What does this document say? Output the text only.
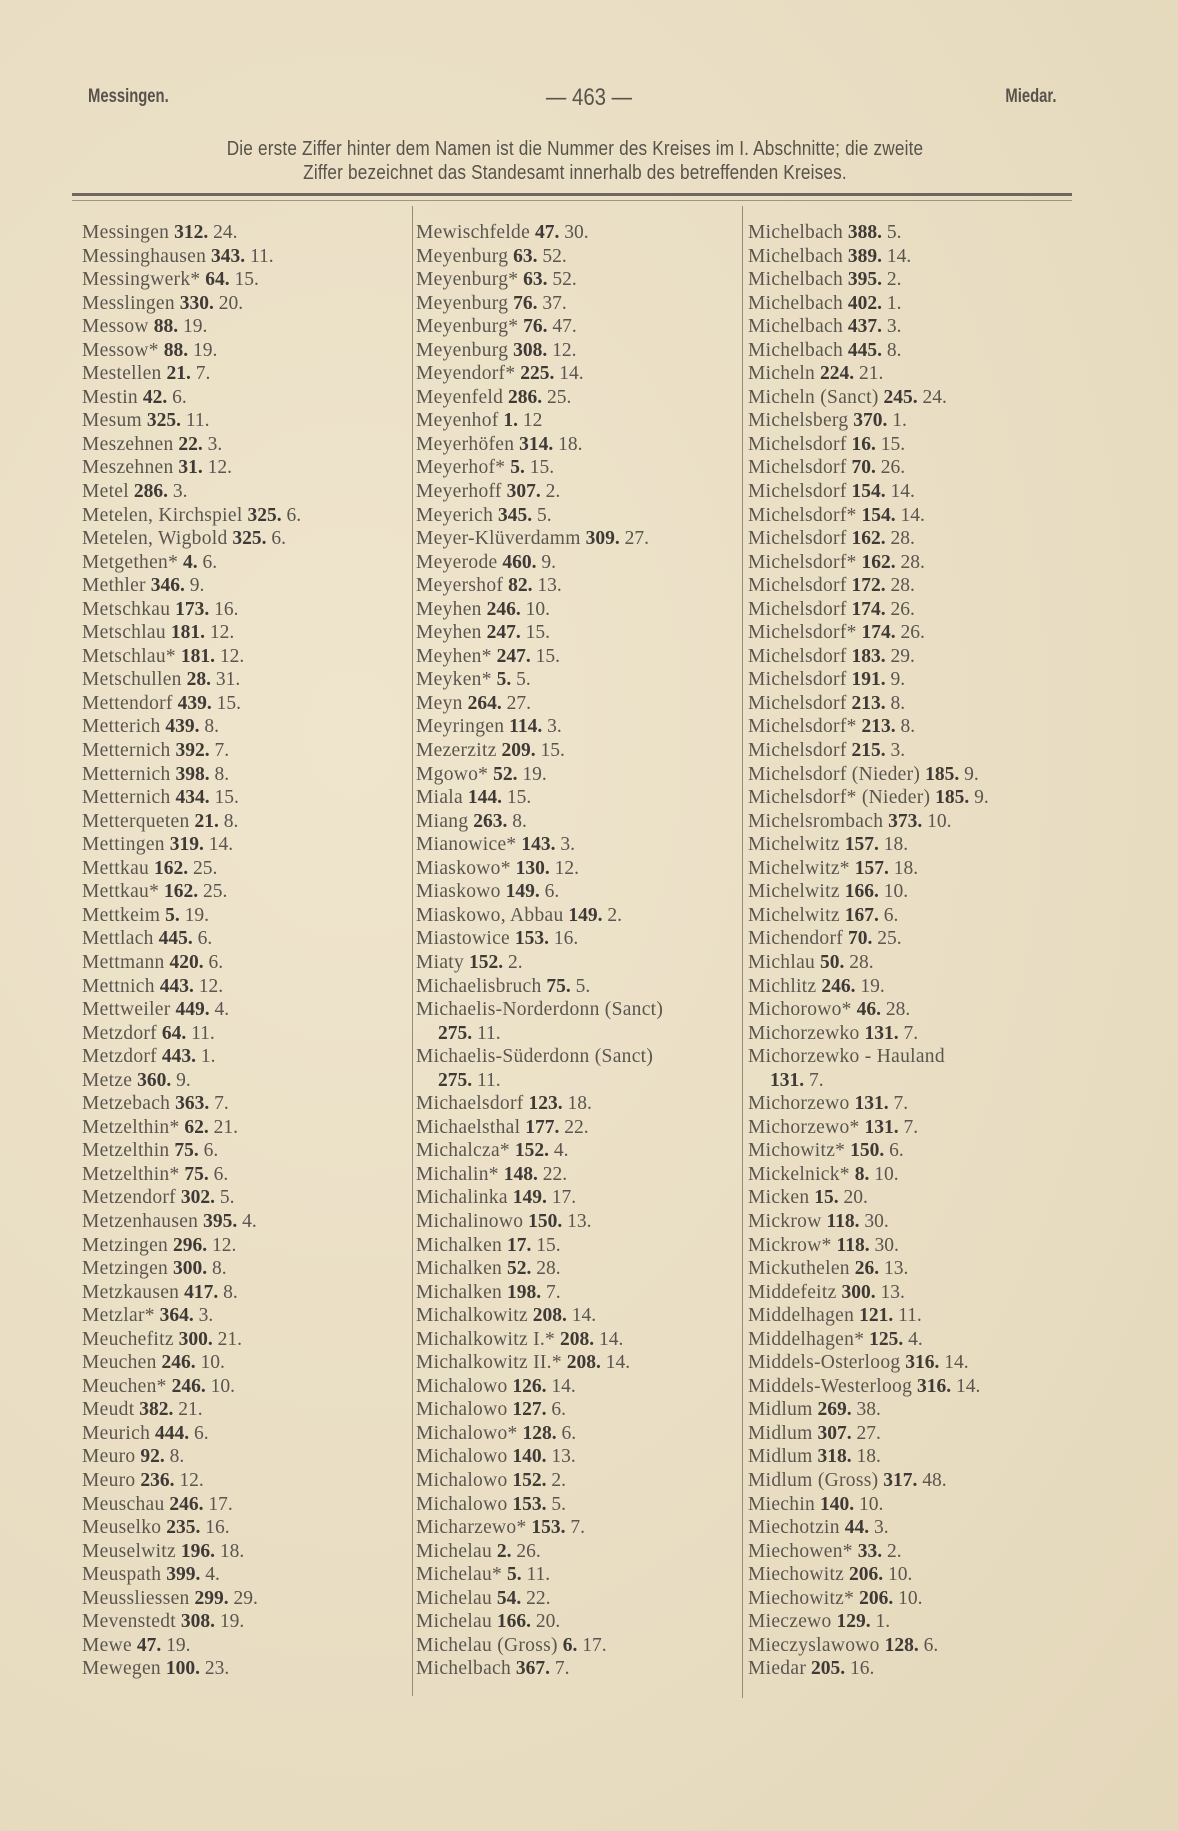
Messingen.	— 463 —	Miedar.
Die erste Ziffer hinter dem Namen ist die Nummer des Kreises im I. Abschnitte; die zweite
Ziffer bezeichnet das Standesamt innerhalb des betreffenden Kreises.
Messingen 312. 24.
Messinghausen 343. 11.
Messingwerk* 64. 15.
Messlingen 330. 20.
Messow 88. 19.
Messow* 88. 19.
Mestellen 21. 7.
Mestin 42. 6.
Mesum 325. 11.
Meszehnen 22. 3.
Meszehnen 31. 12.
Metel 286. 3.
Metelen, Kirchspiel 325. 6.
Metelen, Wigbold 325. 6.
Metgethen* 4. 6.
Methler 346. 9.
Metschkau 173. 16.
Metschlau 181. 12.
Metschlau* 181. 12.
Metschullen 28. 31.
Mettendorf 439. 15.
Metterich 439. 8.
Metternich 392. 7.
Metternich 398. 8.
Metternich 434. 15.
Metterqueten 21. 8.
Mettingen 319. 14.
Mettkau 162. 25.
Mettkau* 162. 25.
Mettkeim 5. 19.
Mettlach 445. 6.
Mettmann 420. 6.
Mettnich 443. 12.
Mettweiler 449. 4.
Metzdorf 64. 11.
Metzdorf 443. 1.
Metze 360. 9.
Metzebach 363. 7.
Metzelthin* 62. 21.
Metzelthin 75. 6.
Metzelthin* 75. 6.
Metzendorf 302. 5.
Metzenhausen 395. 4.
Metzingen 296. 12.
Metzingen 300. 8.
Metzkausen 417. 8.
Metzlar* 364. 3.
Meuchefitz 300. 21.
Meuchen 246. 10.
Meuchen* 246. 10.
Meudt 382. 21.
Meurich 444. 6.
Meuro 92. 8.
Meuro 236. 12.
Meuschau 246. 17.
Meuselko 235. 16.
Meuselwitz 196. 18.
Meuspath 399. 4.
Meussliessen 299. 29.
Mevenstedt 308. 19.
Mewe 47. 19.
Mewegen 100. 23.
Mewischfelde 47. 30.
Meyenburg 63. 52.
Meyenburg* 63. 52.
Meyenburg 76. 37.
Meyenburg* 76. 47.
Meyenburg 308. 12.
Meyendorf* 225. 14.
Meyenfeld 286. 25.
Meyenhof 1. 12
Meyerhöfen 314. 18.
Meyerhof* 5. 15.
Meyerhoff 307. 2.
Meyerich 345. 5.
Meyer-Klüverdamm 309. 27.
Meyerode 460. 9.
Meyershof 82. 13.
Meyhen 246. 10.
Meyhen 247. 15.
Meyhen* 247. 15.
Meyken* 5. 5.
Meyn 264. 27.
Meyringen 114. 3.
Mezerzitz 209. 15.
Mgowo* 52. 19.
Miala 144. 15.
Miang 263. 8.
Mianowice* 143. 3.
Miaskowo* 130. 12.
Miaskowo 149. 6.
Miaskowo, Abbau 149. 2.
Miastowice 153. 16.
Miaty 152. 2.
Michaelisbruch 75. 5.
Michaelis-Norderdonn (Sanct)
275. 11.
Michaelis-Süderdonn (Sanct)
275. 11.
Michaelsdorf 123. 18.
Michaelsthal 177. 22.
Michalcza* 152. 4.
Michalin* 148. 22.
Michalinka 149. 17.
Michalinowo 150. 13.
Michalken 17. 15.
Michalken 52. 28.
Michalken 198. 7.
Michalkowitz 208. 14.
Michalkowitz I.* 208. 14.
Michalkowitz II.* 208. 14.
Michalowo 126. 14.
Michalowo 127. 6.
Michalowo* 128. 6.
Michalowo 140. 13.
Michalowo 152. 2.
Michalowo 153. 5.
Micharzewo* 153. 7.
Michelau 2. 26.
Michelau* 5. 11.
Michelau 54. 22.
Michelau 166. 20.
Michelau (Gross) 6. 17.
Michelbach 367. 7.
Michelbach 388. 5.
Michelbach 389. 14.
Michelbach 395. 2.
Michelbach 402. 1.
Michelbach 437. 3.
Michelbach 445. 8.
Micheln 224. 21.
Micheln (Sanct) 245. 24.
Michelsberg 370. 1.
Michelsdorf 16. 15.
Michelsdorf 70. 26.
Michelsdorf 154. 14.
Michelsdorf* 154. 14.
Michelsdorf 162. 28.
Michelsdorf* 162. 28.
Michelsdorf 172. 28.
Michelsdorf 174. 26.
Michelsdorf* 174. 26.
Michelsdorf 183. 29.
Michelsdorf 191. 9.
Michelsdorf 213. 8.
Michelsdorf* 213. 8.
Michelsdorf 215. 3.
Michelsdorf (Nieder) 185. 9.
Michelsdorf* (Nieder) 185. 9.
Michelsrombach 373. 10.
Michelwitz 157. 18.
Michelwitz* 157. 18.
Michelwitz 166. 10.
Michelwitz 167. 6.
Michendorf 70. 25.
Michlau 50. 28.
Michlitz 246. 19.
Michorowo* 46. 28.
Michorzewko 131. 7.
Michorzewko - Hauland
131. 7.
Michorzewo 131. 7.
Michorzewo* 131. 7.
Michowitz* 150. 6.
Mickelnick* 8. 10.
Micken 15. 20.
Mickrow 118. 30.
Mickrow* 118. 30.
Mickuthelen 26. 13.
Middefeitz 300. 13.
Middelhagen 121. 11.
Middelhagen* 125. 4.
Middels-Osterloog 316. 14.
Middels-Westerloog 316. 14.
Midlum 269. 38.
Midlum 307. 27.
Midlum 318. 18.
Midlum (Gross) 317. 48.
Miechin 140. 10.
Miechotzin 44. 3.
Miechowen* 33. 2.
Miechowitz 206. 10.
Miechowitz* 206. 10.
Mieczewo 129. 1.
Mieczyslawowo 128. 6.
Miedar 205. 16.
